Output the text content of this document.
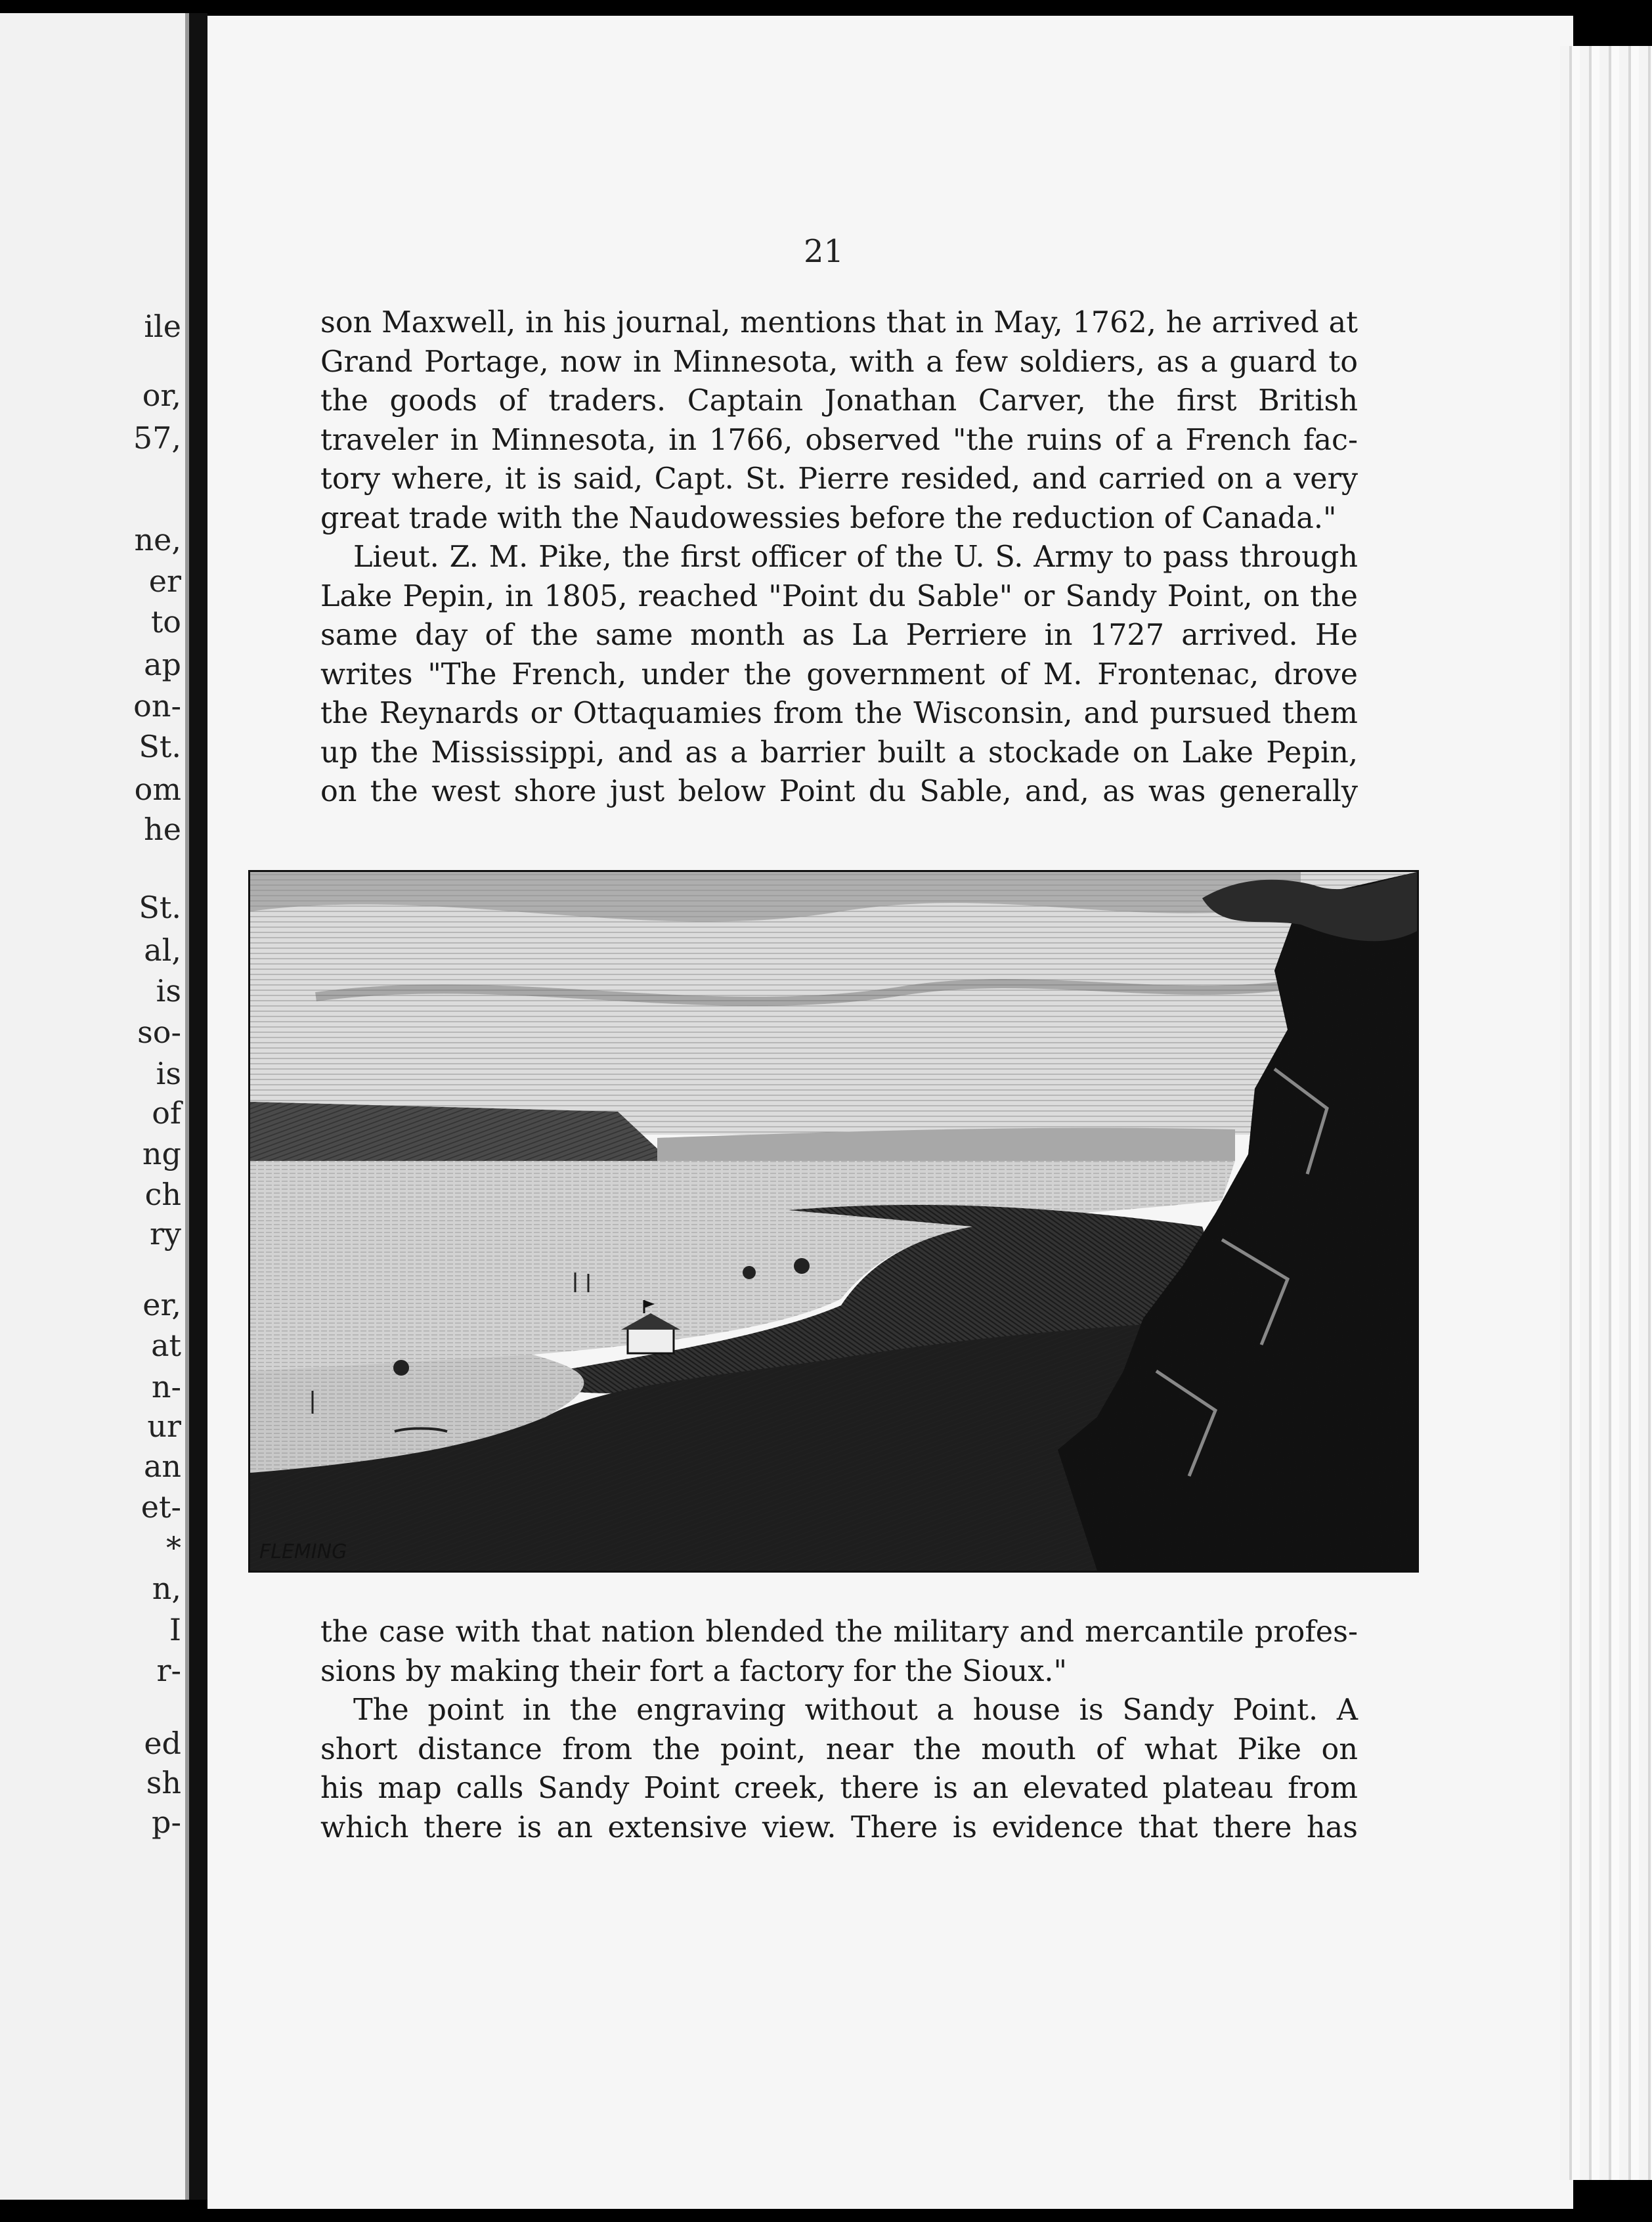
ile
or,
57,
ne,
er
to
ap
on-
St.
om
he
St.
al,
is
so-
is
of
ng
ch
ry
er,
at
n-
ur
an
et-
*
n,
I
r-
ed
sh
p-
21
son Maxwell, in his journal, mentions that in May, 1762, he arrived at
Grand Portage, now in Minnesota, with a few soldiers, as a guard to
the goods of traders. Captain Jonathan Carver, the first British
traveler in Minnesota, in 1766, observed "the ruins of a French fac-
tory where, it is said, Capt. St. Pierre resided, and carried on a very
great trade with the Naudowessies before the reduction of Canada."
Lieut. Z. M. Pike, the first officer of the U. S. Army to pass through
Lake Pepin, in 1805, reached "Point du Sable" or Sandy Point, on the
same day of the same month as La Perriere in 1727 arrived. He
writes "The French, under the government of M. Frontenac, drove
the Reynards or Ottaquamies from the Wisconsin, and pursued them
up the Mississippi, and as a barrier built a stockade on Lake Pepin,
on the west shore just below Point du Sable, and, as was generally
FLEMING
the case with that nation blended the military and mercantile profes-
sions by making their fort a factory for the Sioux."
The point in the engraving without a house is Sandy Point. A
short distance from the point, near the mouth of what Pike on
his map calls Sandy Point creek, there is an elevated plateau from
which there is an extensive view. There is evidence that there has
